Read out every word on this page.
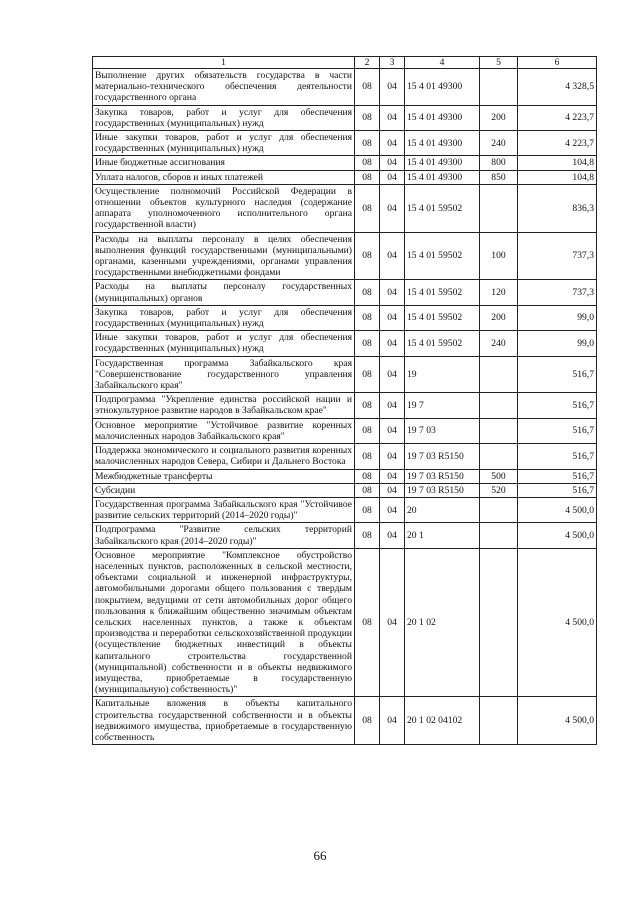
1	2	3	4	5	6
Выполнение других обязательств государства в части материально-технического обеспечения деятельности государственного органа	08	04	15 4 01 49300		4 328,5
Закупка товаров, работ и услуг для обеспечения государственных (муниципальных) нужд	08	04	15 4 01 49300	200	4 223,7
Иные закупки товаров, работ и услуг для обеспечения государственных (муниципальных) нужд	08	04	15 4 01 49300	240	4 223,7
Иные бюджетные ассигнования	08	04	15 4 01 49300	800	104,8
Уплата налогов, сборов и иных платежей	08	04	15 4 01 49300	850	104,8
Осуществление полномочий Российской Федерации в отношении объектов культурного наследия (содержание аппарата уполномоченного исполнительного органа государственной власти)	08	04	15 4 01 59502		836,3
Расходы на выплаты персоналу в целях обеспечения выполнения функций государственными (муниципальными) органами, казенными учреждениями, органами управления государственными внебюджетными фондами	08	04	15 4 01 59502	100	737,3
Расходы на выплаты персоналу государственных (муниципальных) органов	08	04	15 4 01 59502	120	737,3
Закупка товаров, работ и услуг для обеспечения государственных (муниципальных) нужд	08	04	15 4 01 59502	200	99,0
Иные закупки товаров, работ и услуг для обеспечения государственных (муниципальных) нужд	08	04	15 4 01 59502	240	99,0
Государственная программа Забайкальского края "Совершенствование государственного управления Забайкальского края"	08	04	19		516,7
Подпрограмма "Укрепление единства российской нации и этнокультурное развитие народов в Забайкальском крае"	08	04	19 7		516,7
Основное мероприятие "Устойчивое развитие коренных малочисленных народов Забайкальского края"	08	04	19 7 03		516,7
Поддержка экономического и социального развития коренных малочисленных народов Севера, Сибири и Дальнего Востока	08	04	19 7 03 R5150		516,7
Межбюджетные трансферты	08	04	19 7 03 R5150	500	516,7
Субсидии	08	04	19 7 03 R5150	520	516,7
Государственная программа Забайкальского края "Устойчивое развитие сельских территорий (2014–2020 годы)"	08	04	20		4 500,0
Подпрограмма "Развитие сельских территорий Забайкальского края (2014–2020 годы)"	08	04	20 1		4 500,0
Основное мероприятие "Комплексное обустройство населенных пунктов, расположенных в сельской местности, объектами социальной и инженерной инфраструктуры, автомобильными дорогами общего пользования с твердым покрытием, ведущими от сети автомобильных дорог общего пользования к ближайшим общественно значимым объектам сельских населенных пунктов, а также к объектам производства и переработки сельскохозяйственной продукции (осуществление бюджетных инвестиций в объекты капитального строительства государственной (муниципальной) собственности и в объекты недвижимого имущества, приобретаемые в государственную (муниципальную) собственность)"	08	04	20 1 02		4 500,0
Капитальные вложения в объекты капитального строительства государственной собственности и в объекты недвижимого имущества, приобретаемые в государственную собственность	08	04	20 1 02 04102		4 500,0
66
